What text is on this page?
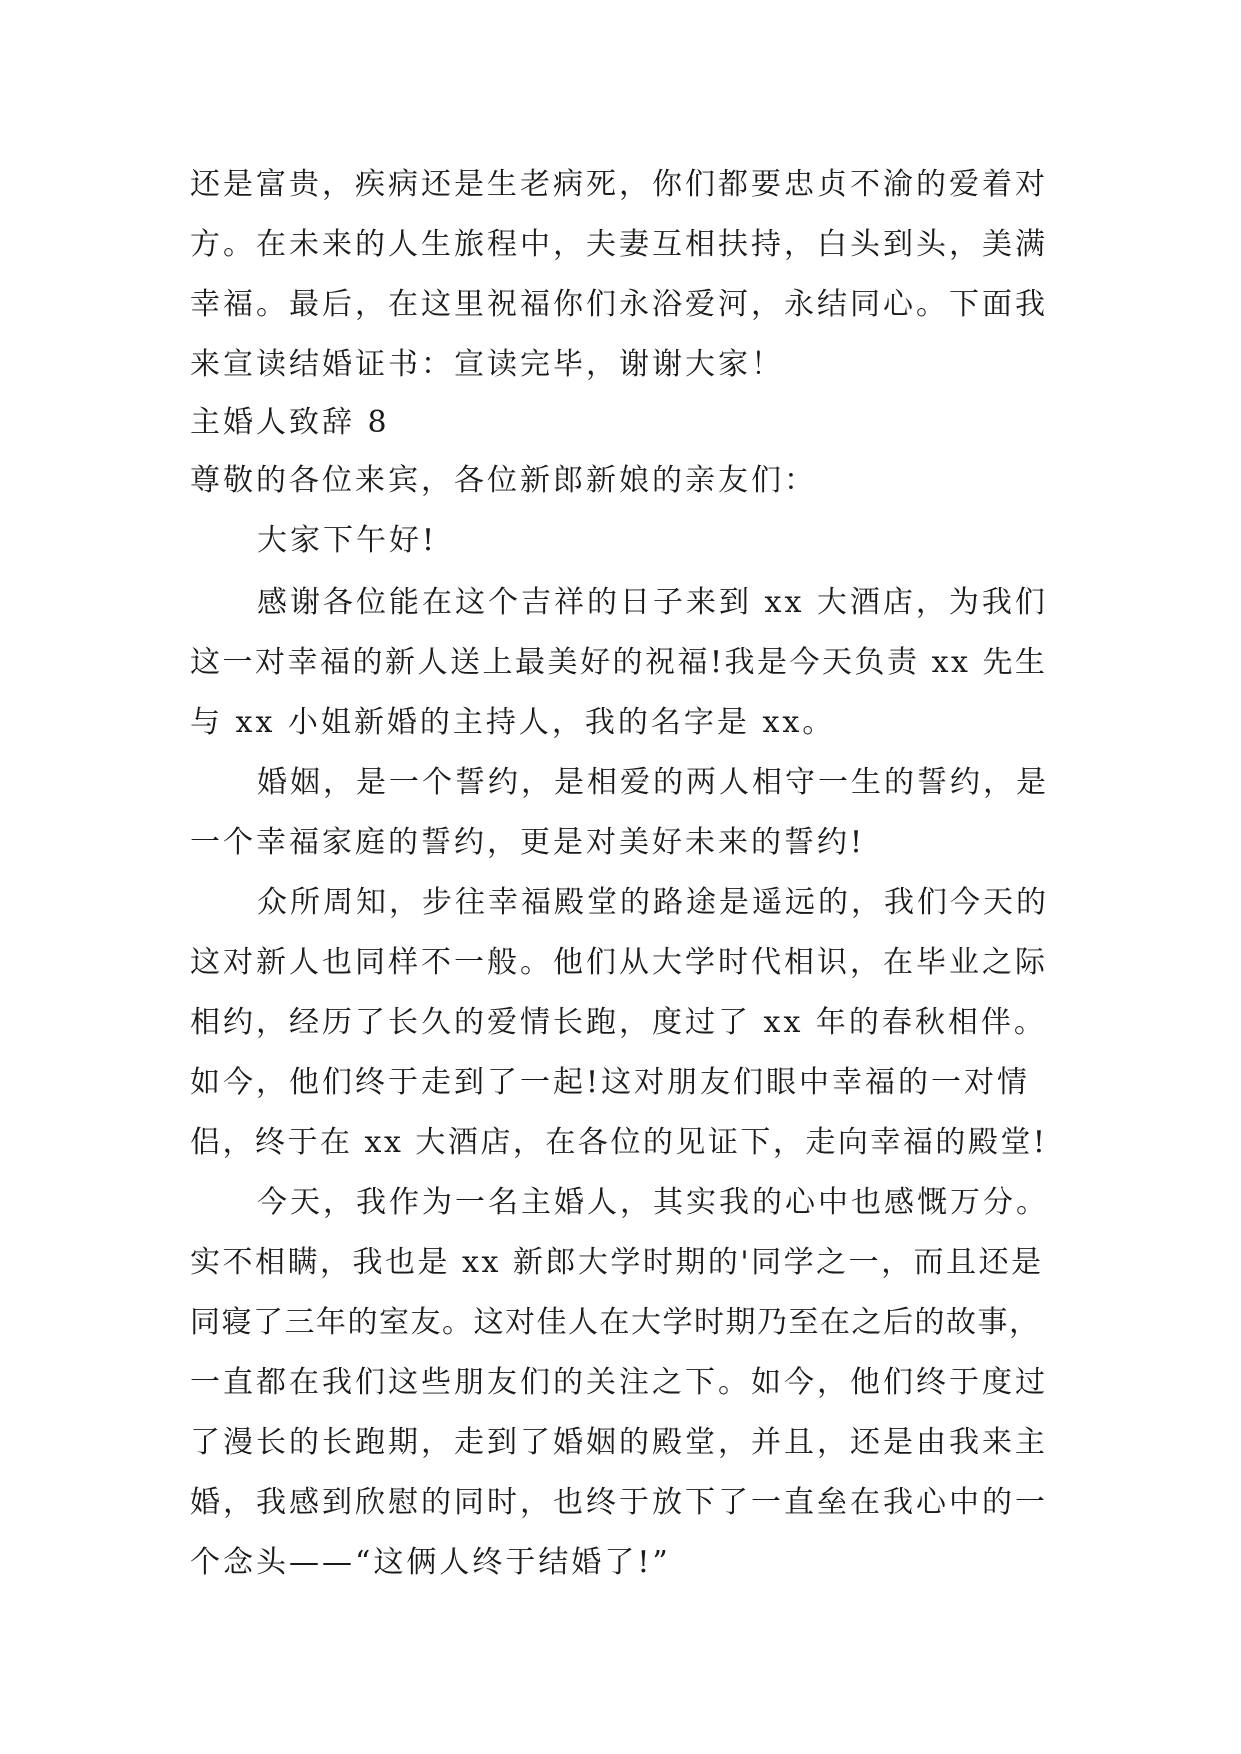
还是富贵，疾病还是生老病死，你们都要忠贞不渝的爱着对
方。在未来的人生旅程中，夫妻互相扶持，白头到头，美满
幸福。最后，在这里祝福你们永浴爱河，永结同心。下面我
来宣读结婚证书：宣读完毕，谢谢大家！
主婚人致辞 8
尊敬的各位来宾，各位新郎新娘的亲友们：
大家下午好!
感谢各位能在这个吉祥的日子来到 xx 大酒店，为我们
这一对幸福的新人送上最美好的祝福!我是今天负责 xx 先生
与 xx 小姐新婚的主持人，我的名字是 xx。
婚姻，是一个誓约，是相爱的两人相守一生的誓约，是
一个幸福家庭的誓约，更是对美好未来的誓约!
众所周知，步往幸福殿堂的路途是遥远的，我们今天的
这对新人也同样不一般。他们从大学时代相识，在毕业之际
相约，经历了长久的爱情长跑，度过了 xx 年的春秋相伴。
如今，他们终于走到了一起!这对朋友们眼中幸福的一对情
侣，终于在 xx 大酒店，在各位的见证下，走向幸福的殿堂!
今天，我作为一名主婚人，其实我的心中也感慨万分。
实不相瞒，我也是 xx 新郎大学时期的'同学之一，而且还是
同寝了三年的室友。这对佳人在大学时期乃至在之后的故事，
一直都在我们这些朋友们的关注之下。如今，他们终于度过
了漫长的长跑期，走到了婚姻的殿堂，并且，还是由我来主
婚，我感到欣慰的同时，也终于放下了一直垒在我心中的一
个念头——“这俩人终于结婚了!”
